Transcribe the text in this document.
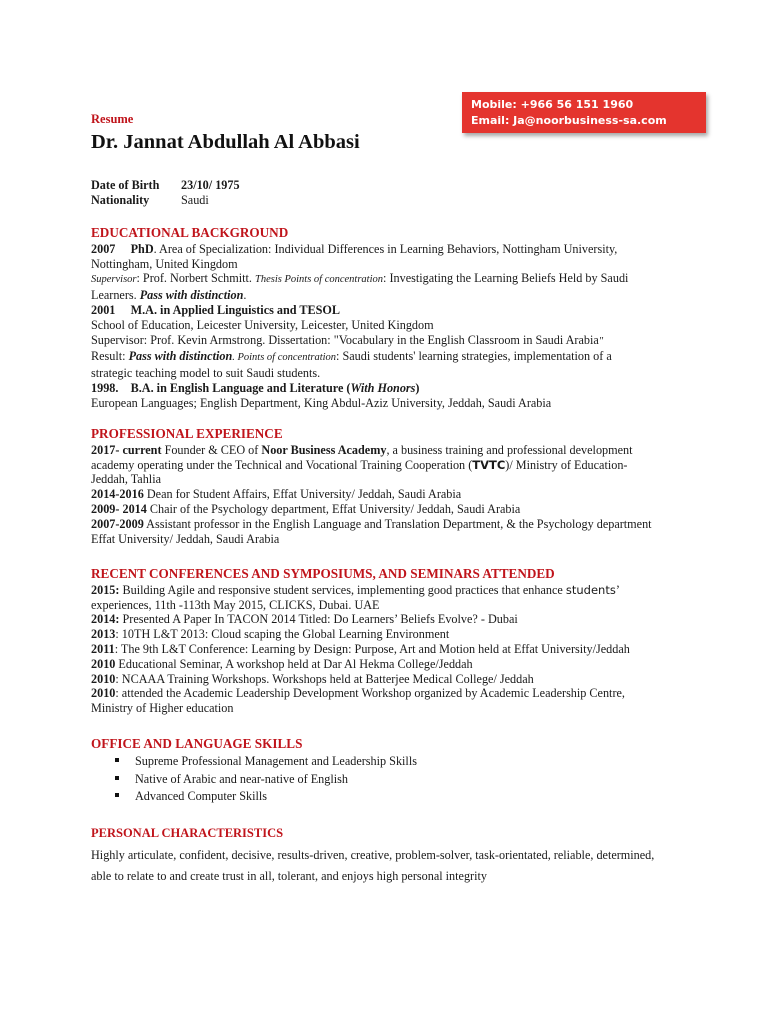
Mobile: +966 56 151 1960
Email: Ja@noorbusiness-sa.com
Resume
Dr. Jannat Abdullah Al Abbasi
Date of Birth	23/10/ 1975
Nationality	Saudi
EDUCATIONAL BACKGROUND
2007 PhD. Area of Specialization: Individual Differences in Learning Behaviors, Nottingham University,
Nottingham, United Kingdom
Supervisor: Prof. Norbert Schmitt. Thesis Points of concentration: Investigating the Learning Beliefs Held by Saudi
Learners. Pass with distinction.
2001 M.A. in Applied Linguistics and TESOL
School of Education, Leicester University, Leicester, United Kingdom
Supervisor: Prof. Kevin Armstrong. Dissertation: "Vocabulary in the English Classroom in Saudi Arabia"
Result: Pass with distinction. Points of concentration: Saudi students' learning strategies, implementation of a
strategic teaching model to suit Saudi students.
1998. B.A. in English Language and Literature (With Honors)
European Languages; English Department, King Abdul-Aziz University, Jeddah, Saudi Arabia
PROFESSIONAL EXPERIENCE
2017- current Founder & CEO of Noor Business Academy, a business training and professional development
academy operating under the Technical and Vocational Training Cooperation (TVTC)/ Ministry of Education-
Jeddah, Tahlia
2014-2016 Dean for Student Affairs, Effat University/ Jeddah, Saudi Arabia
2009- 2014 Chair of the Psychology department, Effat University/ Jeddah, Saudi Arabia
2007-2009 Assistant professor in the English Language and Translation Department, & the Psychology department
Effat University/ Jeddah, Saudi Arabia
RECENT CONFERENCES AND SYMPOSIUMS, AND SEMINARS ATTENDED
2015: Building Agile and responsive student services, implementing good practices that enhance students’
experiences, 11th -113th May 2015, CLICKS, Dubai. UAE
2014: Presented A Paper In TACON 2014 Titled: Do Learners’ Beliefs Evolve? - Dubai
2013: 10TH L&T 2013: Cloud scaping the Global Learning Environment
2011: The 9th L&T Conference: Learning by Design: Purpose, Art and Motion held at Effat University/Jeddah
2010 Educational Seminar, A workshop held at Dar Al Hekma College/Jeddah
2010: NCAAA Training Workshops. Workshops held at Batterjee Medical College/ Jeddah
2010: attended the Academic Leadership Development Workshop organized by Academic Leadership Centre,
Ministry of Higher education
OFFICE AND LANGUAGE SKILLS
Supreme Professional Management and Leadership Skills
Native of Arabic and near-native of English
Advanced Computer Skills
PERSONAL CHARACTERISTICS
Highly articulate, confident, decisive, results-driven, creative, problem-solver, task-orientated, reliable, determined,
able to relate to and create trust in all, tolerant, and enjoys high personal integrity
